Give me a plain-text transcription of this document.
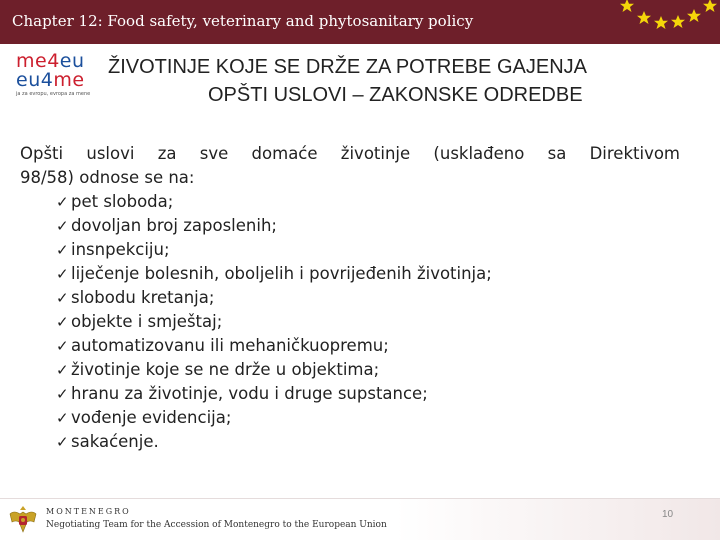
Chapter 12: Food safety, veterinary and phytosanitary policy
me4eu
eu4me
ja za evropu, evropa za mene
ŽIVOTINJE KOJE SE DRŽE ZA POTREBE GAJENJA
OPŠTI USLOVI – ZAKONSKE ODREDBE
Opšti uslovi za sve domaće životinje (usklađeno sa Direktivom
98/58) odnose se na:
✓ pet sloboda;
✓ dovoljan broj zaposlenih;
✓ insnpekciju;
✓ liječenje bolesnih, oboljelih i povrijeđenih životinja;
✓ slobodu kretanja;
✓ objekte i smještaj;
✓ automatizovanu ili mehaničkuopremu;
✓ životinje koje se ne drže u objektima;
✓ hranu za životinje, vodu i druge supstance;
✓ vođenje evidencija;
✓ sakaćenje.
MONTENEGRO
Negotiating Team for the Accession of Montenegro to the European Union
10
